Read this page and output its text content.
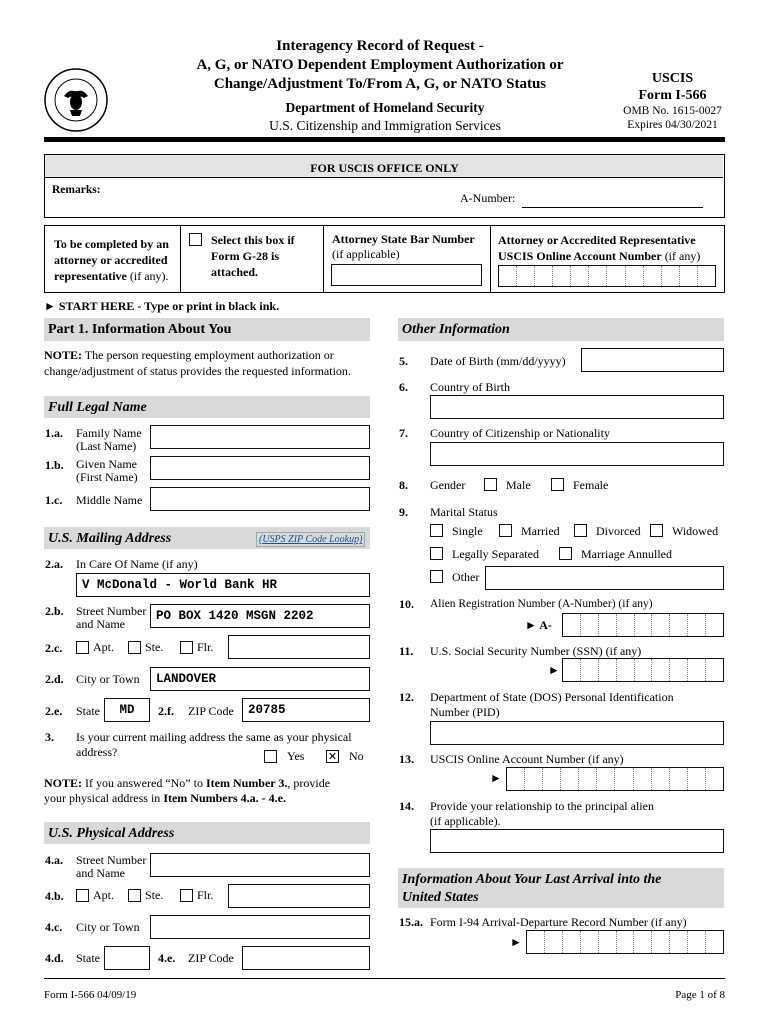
Interagency Record of Request -
A, G, or NATO Dependent Employment Authorization or
Change/Adjustment To/From A, G, or NATO Status
Department of Homeland Security
U.S. Citizenship and Immigration Services
USCIS
Form I-566
OMB No. 1615-0027
Expires 04/30/2021
FOR USCIS OFFICE ONLY
Remarks:
A-Number:
To be completed by an
attorney or accredited
representative (if any).
Select this box if
Form G-28 is
attached.
Attorney State Bar Number
(if applicable)
Attorney or Accredited Representative
USCIS Online Account Number (if any)
► START HERE - Type or print in black ink.
Part 1. Information About You
NOTE: The person requesting employment authorization or
change/adjustment of status provides the requested information.
Full Legal Name
1.a. Family Name
(Last Name)
1.b. Given Name
(First Name)
1.c. Middle Name
U.S. Mailing Address	(USPS ZIP Code Lookup)
2.a. In Care Of Name (if any)
V McDonald - World Bank HR
2.b. Street Number
and Name
PO BOX 1420 MSGN 2202
2.c.	Apt.	Ste.	Flr.
2.d. City or Town	LANDOVER
2.e. State	MD	2.f. ZIP Code	20785
3. Is your current mailing address the same as your physical
address?	Yes ✕ No
NOTE: If you answered “No” to Item Number 3., provide
your physical address in Item Numbers 4.a. - 4.e.
U.S. Physical Address
4.a. Street Number
and Name
4.b. Apt.	Ste.	Flr.
4.c. City or Town
4.d. State	4.e. ZIP Code
Other Information
5. Date of Birth (mm/dd/yyyy)
6. Country of Birth
7. Country of Citizenship or Nationality
8. Gender	Male	Female
9. Marital Status
Single	Married	Divorced	Widowed
Legally Separated	Marriage Annulled
Other
10. Alien Registration Number (A-Number) (if any)
► A-
11. U.S. Social Security Number (SSN) (if any)
►
12. Department of State (DOS) Personal Identification
Number (PID)
13. USCIS Online Account Number (if any)
►
14. Provide your relationship to the principal alien
(if applicable).
Information About Your Last Arrival into the
United States
15.a. Form I-94 Arrival-Departure Record Number (if any)
►
Form I-566 04/09/19	Page 1 of 8
